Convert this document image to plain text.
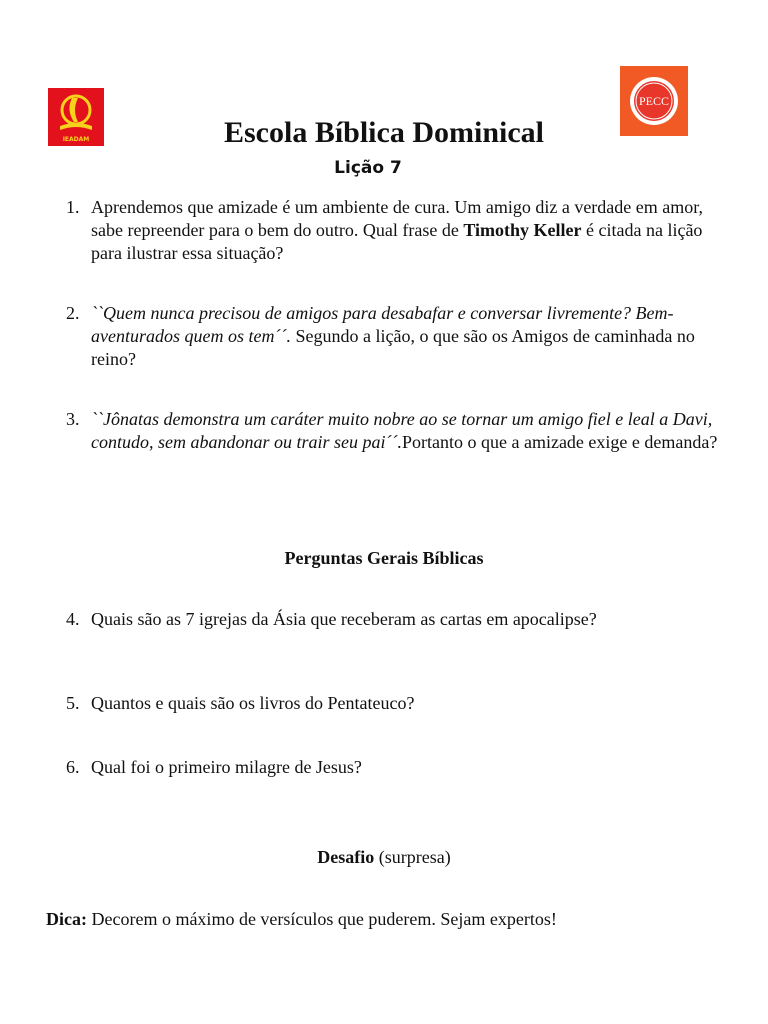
IEADAM
PECC
Escola Bíblica Dominical
Lição 7
1. Aprendemos que amizade é um ambiente de cura. Um amigo diz a verdade em amor, sabe repreender para o bem do outro. Qual frase de Timothy Keller é citada na lição para ilustrar essa situação?
2. ``Quem nunca precisou de amigos para desabafar e conversar livremente? Bem-aventurados quem os tem´´. Segundo a lição, o que são os Amigos de caminhada no reino?
3. ``Jônatas demonstra um caráter muito nobre ao se tornar um amigo fiel e leal a Davi, contudo, sem abandonar ou trair seu pai´´.Portanto o que a amizade exige e demanda?
Perguntas Gerais Bíblicas
4. Quais são as 7 igrejas da Ásia que receberam as cartas em apocalipse?
5. Quantos e quais são os livros do Pentateuco?
6. Qual foi o primeiro milagre de Jesus?
Desafio (surpresa)
Dica: Decorem o máximo de versículos que puderem. Sejam expertos!
